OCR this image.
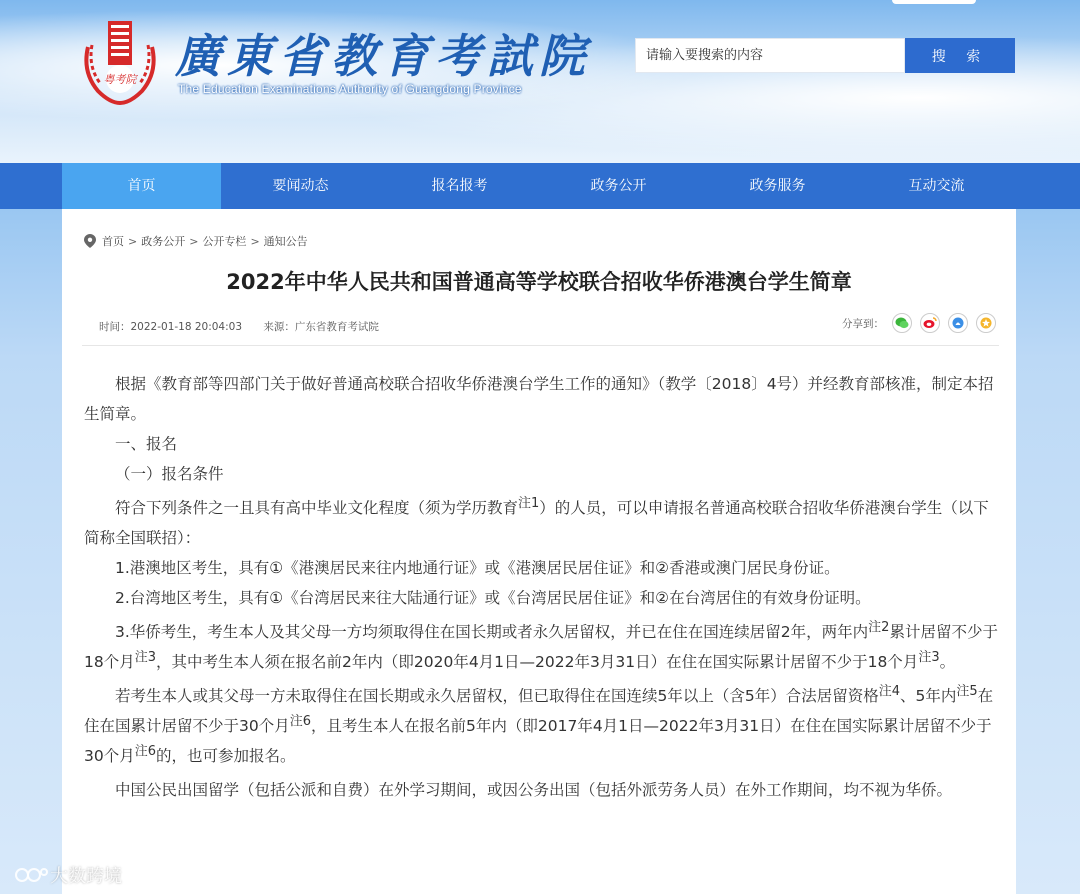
粤考院 廣東省教育考試院
The Education Examinations Authority of Guangdong Province
请输入要搜索的内容
搜 索
首页	要闻动态	报名报考	政务公开	政务服务	互动交流
首页 > 政务公开 > 公开专栏 > 通知公告
2022年中华人民共和国普通高等学校联合招收华侨港澳台学生简章
时间：2022-01-18 20:04:03 来源：广东省教育考试院	分享到：

根据《教育部等四部门关于做好普通高校联合招收华侨港澳台学生工作的通知》（教学〔2018〕4号）并经教育部核准，制定本招生简章。

一、报名

（一）报名条件

符合下列条件之一且具有高中毕业文化程度（须为学历教育$^{注1}$）的人员，可以申请报名普通高校联合招收华侨港澳台学生（以下简称全国联招）：

1.港澳地区考生，具有①《港澳居民来往内地通行证》或《港澳居民居住证》和②香港或澳门居民身份证。

2.台湾地区考生，具有①《台湾居民来往大陆通行证》或《台湾居民居住证》和②在台湾居住的有效身份证明。

3.华侨考生，考生本人及其父母一方均须取得住在国长期或者永久居留权，并已在住在国连续居留2年，两年内$^{注2}$累计居留不少于18个月$^{注3}$，其中考生本人须在报名前2年内（即2020年4月1日—2022年3月31日）在住在国实际累计居留不少于18个月$^{注3}$。

若考生本人或其父母一方未取得住在国长期或永久居留权，但已取得住在国连续5年以上（含5年）合法居留资格$^{注4}$、5年内$^{注5}$在住在国累计居留不少于30个月$^{注6}$，且考生本人在报名前5年内（即2017年4月1日—2022年3月31日）在住在国实际累计居留不少于30个月$^{注6}$的，也可参加报名。

中国公民出国留学（包括公派和自费）在外学习期间，或因公务出国（包括外派劳务人员）在外工作期间，均不视为华侨。

大数跨境
